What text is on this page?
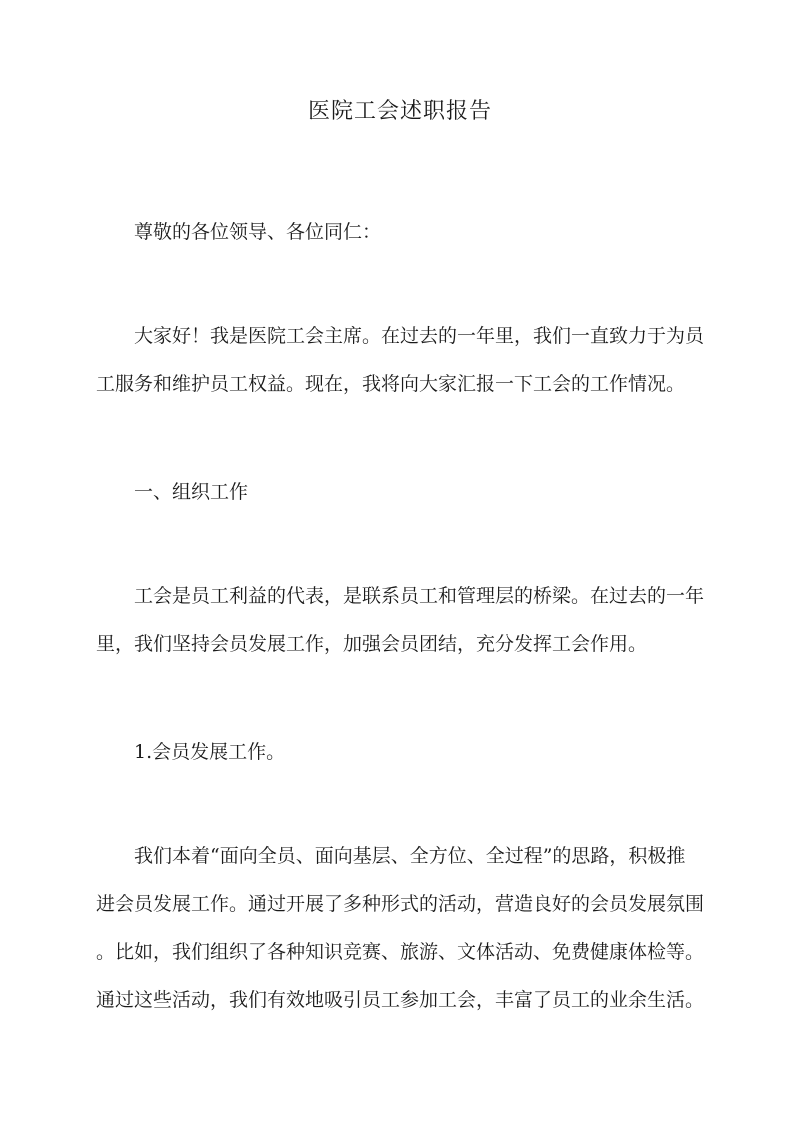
医院工会述职报告

　　尊敬的各位领导、各位同仁：

　　大家好！我是医院工会主席。在过去的一年里，我们一直致力于为员
工服务和维护员工权益。现在，我将向大家汇报一下工会的工作情况。

　　一、组织工作

　　工会是员工利益的代表，是联系员工和管理层的桥梁。在过去的一年
里，我们坚持会员发展工作，加强会员团结，充分发挥工会作用。

　　1.会员发展工作。

　　我们本着“面向全员、面向基层、全方位、全过程”的思路，积极推
进会员发展工作。通过开展了多种形式的活动，营造良好的会员发展氛围
。比如，我们组织了各种知识竞赛、旅游、文体活动、免费健康体检等。
通过这些活动，我们有效地吸引员工参加工会，丰富了员工的业余生活。
